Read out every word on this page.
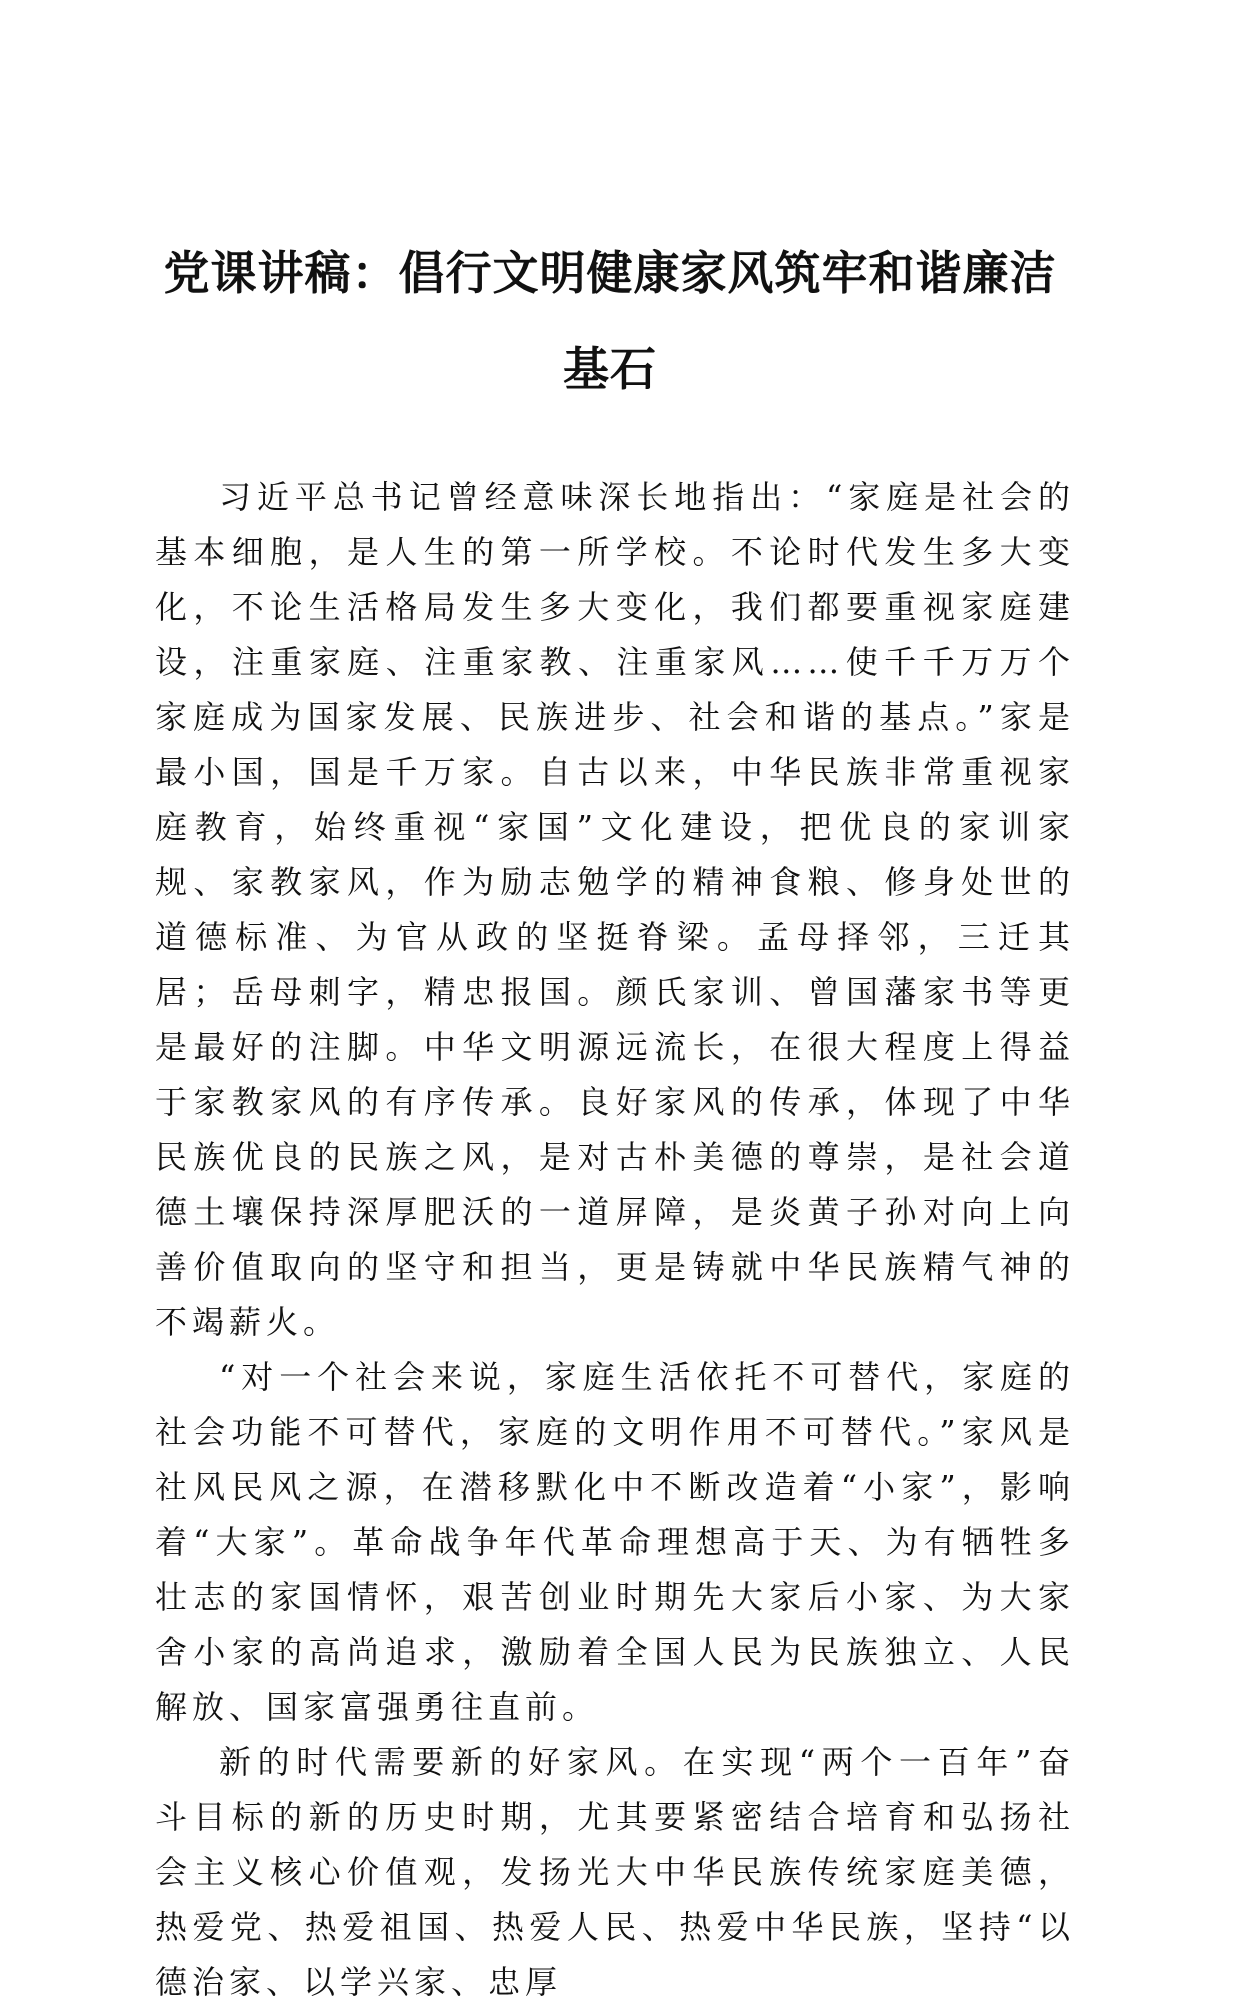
党课讲稿：倡行文明健康家风筑牢和谐廉洁基石

习近平总书记曾经意味深长地指出：“家庭是社会的基本细胞，是人生的第一所学校。不论时代发生多大变化，不论生活格局发生多大变化，我们都要重视家庭建设，注重家庭、注重家教、注重家风……使千千万万个家庭成为国家发展、民族进步、社会和谐的基点。”家是最小国，国是千万家。自古以来，中华民族非常重视家庭教育，始终重视“家国”文化建设，把优良的家训家规、家教家风，作为励志勉学的精神食粮、修身处世的道德标准、为官从政的坚挺脊梁。孟母择邻，三迁其居；岳母刺字，精忠报国。颜氏家训、曾国藩家书等更是最好的注脚。中华文明源远流长，在很大程度上得益于家教家风的有序传承。良好家风的传承，体现了中华民族优良的民族之风，是对古朴美德的尊崇，是社会道德土壤保持深厚肥沃的一道屏障，是炎黄子孙对向上向善价值取向的坚守和担当，更是铸就中华民族精气神的不竭薪火。

“对一个社会来说，家庭生活依托不可替代，家庭的社会功能不可替代，家庭的文明作用不可替代。”家风是社风民风之源，在潜移默化中不断改造着“小家”，影响着“大家”。革命战争年代革命理想高于天、为有牺牲多壮志的家国情怀，艰苦创业时期先大家后小家、为大家舍小家的高尚追求，激励着全国人民为民族独立、人民解放、国家富强勇往直前。

新的时代需要新的好家风。在实现“两个一百年”奋斗目标的新的历史时期，尤其要紧密结合培育和弘扬社会主义核心价值观，发扬光大中华民族传统家庭美德，热爱党、热爱祖国、热爱人民、热爱中华民族，坚持“以德治家、以学兴家、忠厚
